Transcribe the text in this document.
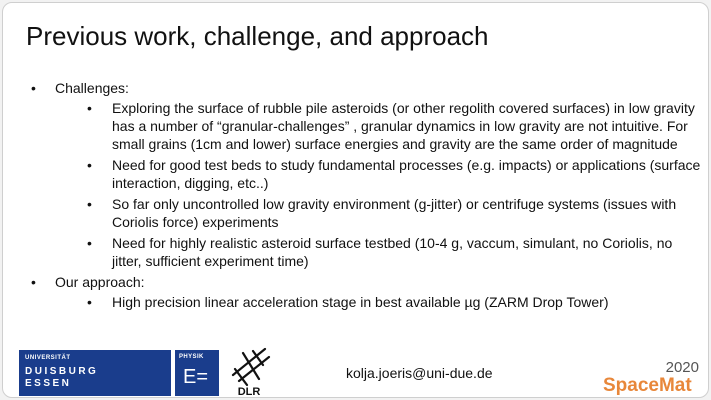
Previous work, challenge, and approach
• Challenges:
• Exploring the surface of rubble pile asteroids (or other regolith covered surfaces) in low gravity has a number of “granular-challenges” , granular dynamics in low gravity are not intuitive. For small grains (1cm and lower) surface energies and gravity are the same order of magnitude
• Need for good test beds to study fundamental processes (e.g. impacts) or applications (surface interaction, digging, etc..)
• So far only uncontrolled low gravity environment (g-jitter) or centrifuge systems (issues with Coriolis force) experiments
• Need for highly realistic asteroid surface testbed (10-4 g, vaccum, simulant, no Coriolis, no jitter, sufficient experiment time)
• Our approach:
• High precision linear acceleration stage in best available µg (ZARM Drop Tower)
UNIVERSITÄT
DUISBURG
ESSEN
PHYSIK
E=
DLR
kolja.joeris@uni-due.de	2020
SpaceMat
